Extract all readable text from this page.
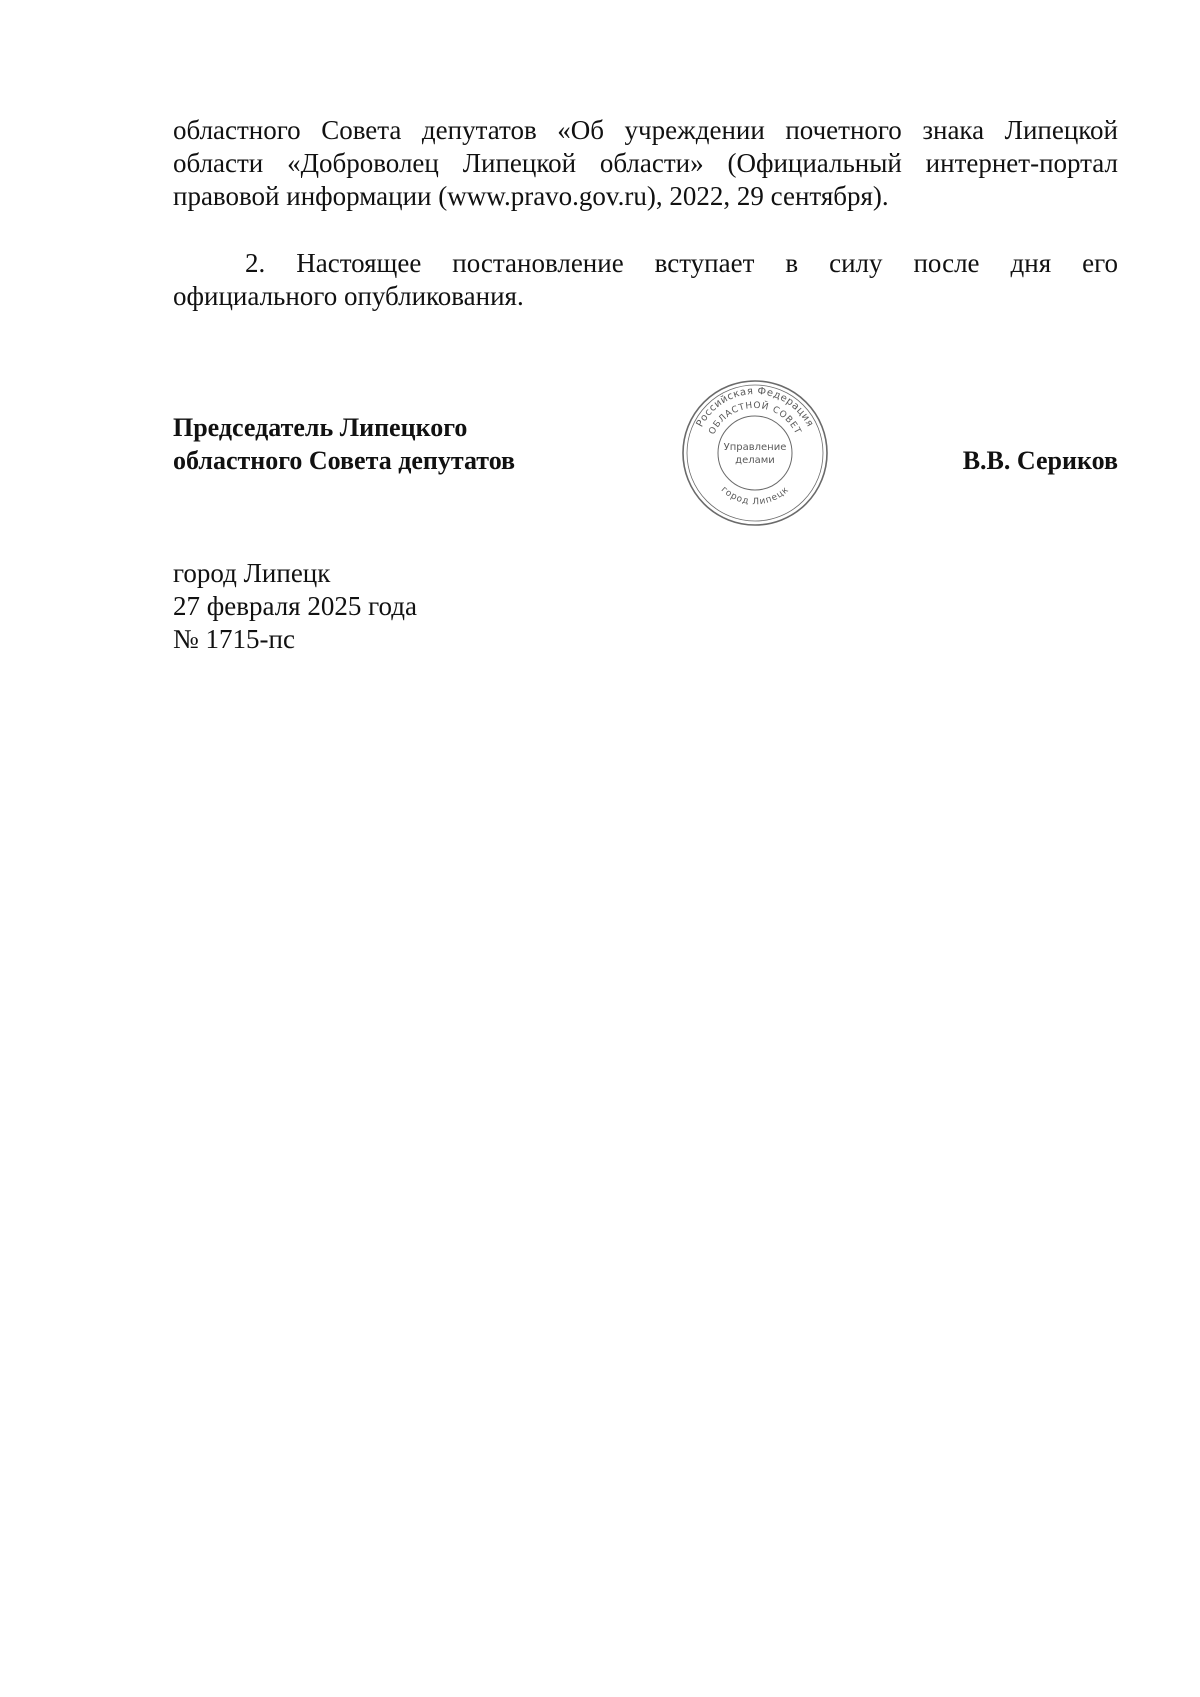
областного Совета депутатов «Об учреждении почетного знака Липецкой
области «Доброволец Липецкой области» (Официальный интернет-портал
правовой информации (www.pravo.gov.ru), 2022, 29 сентября).
2. Настоящее постановление вступает в силу после дня его
официального опубликования.
Председатель Липецкого
областного Совета депутатов
Российская Федерация
ОБЛАСТНОЙ СОВЕТ
город Липецк
Управление
делами	В.В. Сериков
город Липецк
27 февраля 2025 года
№ 1715-пс
